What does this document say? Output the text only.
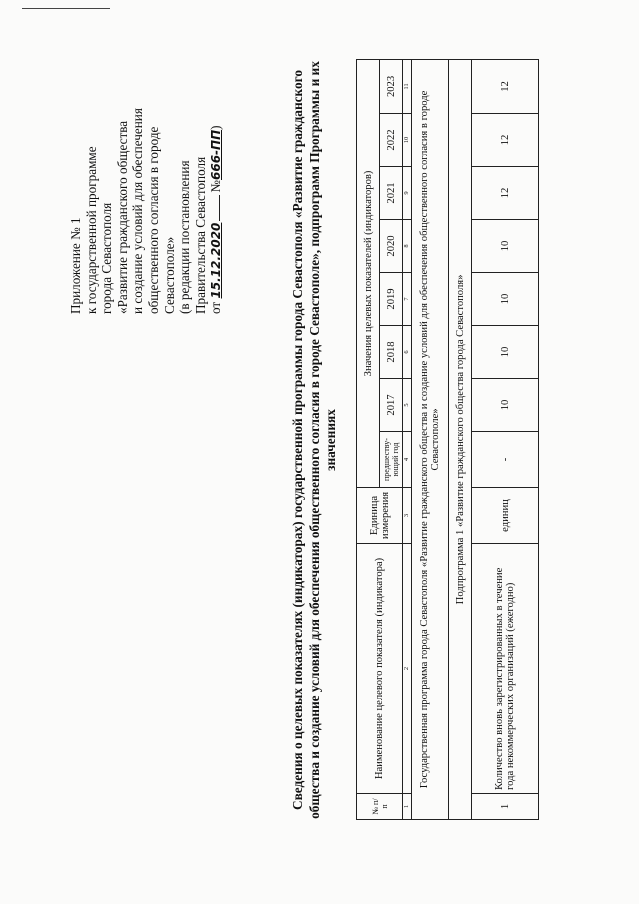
Приложение № 1 к государственной программе города Севастополя «Развитие гражданского общества и создание условий для обеспечения общественного согласия в городе Севастополе» (в редакции постановления Правительства Севастополя от

15.12.2020
№
666-ПП
)	Сведения о целевых показателях (индикаторах) государственной программы города Севастополя «Развитие гражданского общества и создание условий для обеспечения общественного согласия в городе Севастополе», подпрограмм Программы и их значениях
№ п/п	Наименование целевого показателя (индикатора)	Единица измерения	Значения целевых показателей (индикаторов)							
			предшеству-ющий год	2017	2018	2019	2020	2021	2022	2023
1	2	3	4	5	6	7	8	9	10	11
Государственная программа города Севастополя «Развитие гражданского общества и создание условий для обеспечения общественного согласия в городе Севастополе»										
Подпрограмма 1 «Развитие гражданского общества города Севастополя»										
1	Количество вновь зарегистрированных в течение года некоммерческих организаций (ежегодно)	единиц	-	10	10	10	10	12	12	12
